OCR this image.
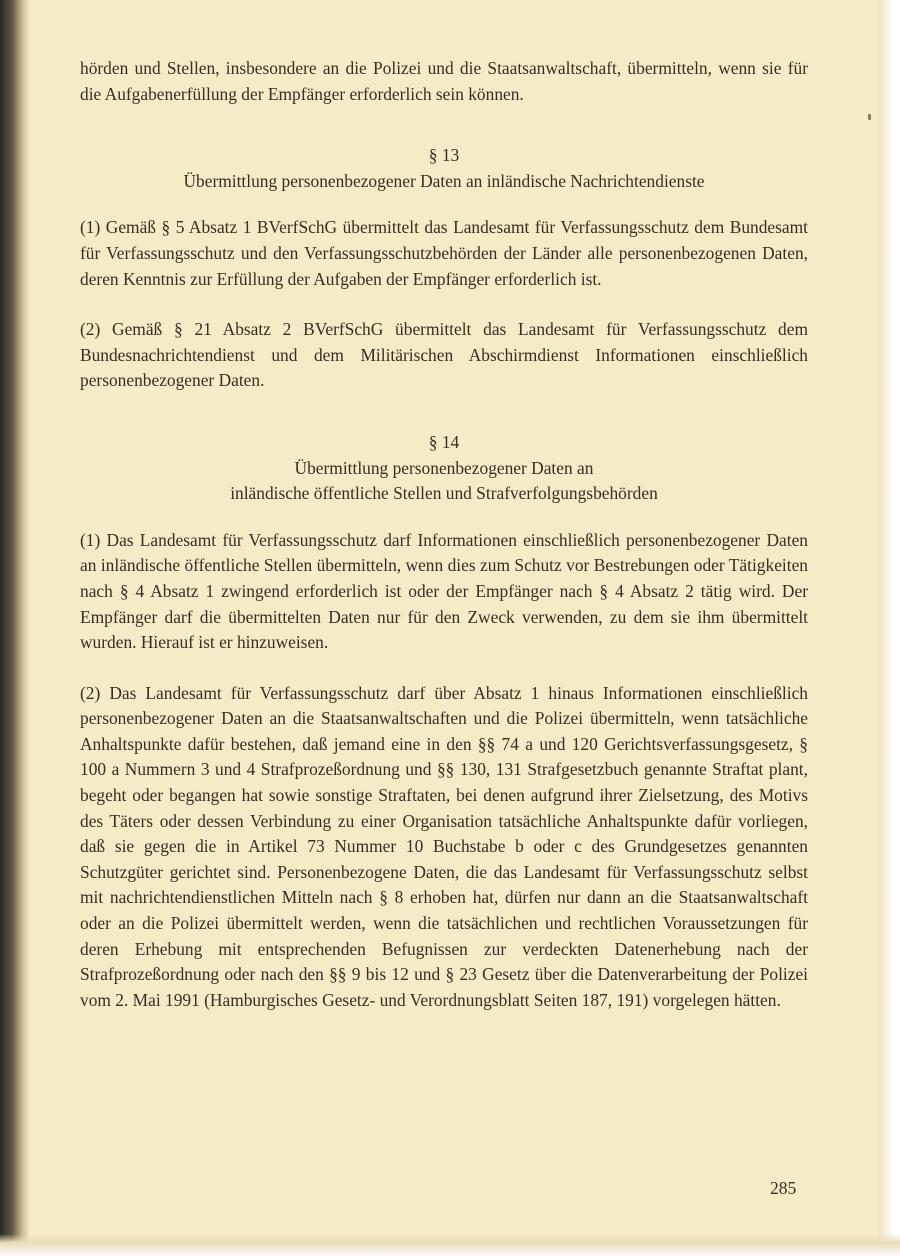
hörden und Stellen, insbesondere an die Polizei und die Staatsanwaltschaft, übermitteln, wenn sie für die Aufgabenerfüllung der Empfänger erforderlich sein können.

§ 13

Übermittlung personenbezogener Daten an inländische Nachrichtendienste

(1) Gemäß § 5 Absatz 1 BVerfSchG übermittelt das Landesamt für Verfassungsschutz dem Bundesamt für Verfassungsschutz und den Verfassungsschutzbehörden der Länder alle personenbezogenen Daten, deren Kenntnis zur Erfüllung der Aufgaben der Empfänger erforderlich ist.

(2) Gemäß § 21 Absatz 2 BVerfSchG übermittelt das Landesamt für Verfassungsschutz dem Bundesnachrichtendienst und dem Militärischen Abschirmdienst Informationen einschließlich personenbezogener Daten.

§ 14

Übermittlung personenbezogener Daten an

inländische öffentliche Stellen und Strafverfolgungsbehörden

(1) Das Landesamt für Verfassungsschutz darf Informationen einschließlich personenbezogener Daten an inländische öffentliche Stellen übermitteln, wenn dies zum Schutz vor Bestrebungen oder Tätigkeiten nach § 4 Absatz 1 zwingend erforderlich ist oder der Empfänger nach § 4 Absatz 2 tätig wird. Der Empfänger darf die übermittelten Daten nur für den Zweck verwenden, zu dem sie ihm übermittelt wurden. Hierauf ist er hinzuweisen.

(2) Das Landesamt für Verfassungsschutz darf über Absatz 1 hinaus Informationen einschließlich personenbezogener Daten an die Staatsanwaltschaften und die Polizei übermitteln, wenn tatsächliche Anhaltspunkte dafür bestehen, daß jemand eine in den §§ 74 a und 120 Gerichtsverfassungsgesetz, § 100 a Nummern 3 und 4 Strafprozeßordnung und §§ 130, 131 Strafgesetzbuch genannte Straftat plant, begeht oder begangen hat sowie sonstige Straftaten, bei denen aufgrund ihrer Zielsetzung, des Motivs des Täters oder dessen Verbindung zu einer Organisation tatsächliche Anhaltspunkte dafür vorliegen, daß sie gegen die in Artikel 73 Nummer 10 Buchstabe b oder c des Grundgesetzes genannten Schutzgüter gerichtet sind. Personenbezogene Daten, die das Landesamt für Verfassungsschutz selbst mit nachrichtendienstlichen Mitteln nach § 8 erhoben hat, dürfen nur dann an die Staatsanwaltschaft oder an die Polizei übermittelt werden, wenn die tatsächlichen und rechtlichen Voraussetzungen für deren Erhebung mit entsprechenden Befugnissen zur verdeckten Datenerhebung nach der Strafprozeßordnung oder nach den §§ 9 bis 12 und § 23 Gesetz über die Datenverarbeitung der Polizei vom 2. Mai 1991 (Hamburgisches Gesetz- und Verordnungsblatt Seiten 187, 191) vorgelegen hätten.

285
